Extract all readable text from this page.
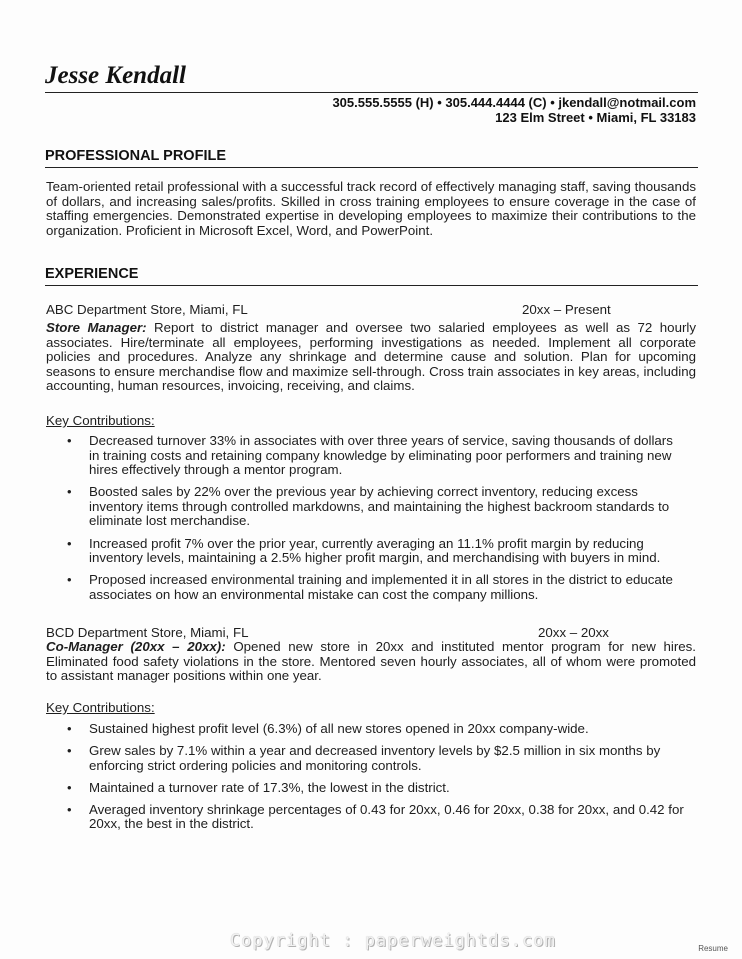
Jesse Kendall
305.555.5555 (H) • 305.444.4444 (C) • jkendall@notmail.com
123 Elm Street • Miami, FL 33183
PROFESSIONAL PROFILE

Team-oriented retail professional with a successful track record of effectively managing staff, saving thousands of dollars, and increasing sales/profits. Skilled in cross training employees to ensure coverage in the case of staffing emergencies. Demonstrated expertise in developing employees to maximize their contributions to the organization. Proficient in Microsoft Excel, Word, and PowerPoint.

EXPERIENCE
ABC Department Store, Miami, FL	20xx – Present

Store Manager: Report to district manager and oversee two salaried employees as well as 72 hourly associates. Hire/terminate all employees, performing investigations as needed. Implement all corporate policies and procedures. Analyze any shrinkage and determine cause and solution. Plan for upcoming seasons to ensure merchandise flow and maximize sell-through. Cross train associates in key areas, including accounting, human resources, invoicing, receiving, and claims.

Key Contributions:
• Decreased turnover 33% in associates with over three years of service, saving thousands of dollars in training costs and retaining company knowledge by eliminating poor performers and training new hires effectively through a mentor program.
• Boosted sales by 22% over the previous year by achieving correct inventory, reducing excess inventory items through controlled markdowns, and maintaining the highest backroom standards to eliminate lost merchandise.
• Increased profit 7% over the prior year, currently averaging an 11.1% profit margin by reducing inventory levels, maintaining a 2.5% higher profit margin, and merchandising with buyers in mind.
• Proposed increased environmental training and implemented it in all stores in the district to educate associates on how an environmental mistake can cost the company millions.
BCD Department Store, Miami, FL	20xx – 20xx

Co-Manager (20xx – 20xx): Opened new store in 20xx and instituted mentor program for new hires. Eliminated food safety violations in the store. Mentored seven hourly associates, all of whom were promoted to assistant manager positions within one year.

Key Contributions:
• Sustained highest profit level (6.3%) of all new stores opened in 20xx company-wide.
• Grew sales by 7.1% within a year and decreased inventory levels by $2.5 million in six months by enforcing strict ordering policies and monitoring controls.
• Maintained a turnover rate of 17.3%, the lowest in the district.
• Averaged inventory shrinkage percentages of 0.43 for 20xx, 0.46 for 20xx, 0.38 for 20xx, and 0.42 for 20xx, the best in the district.
Copyright : paperweightds.com	Resume
